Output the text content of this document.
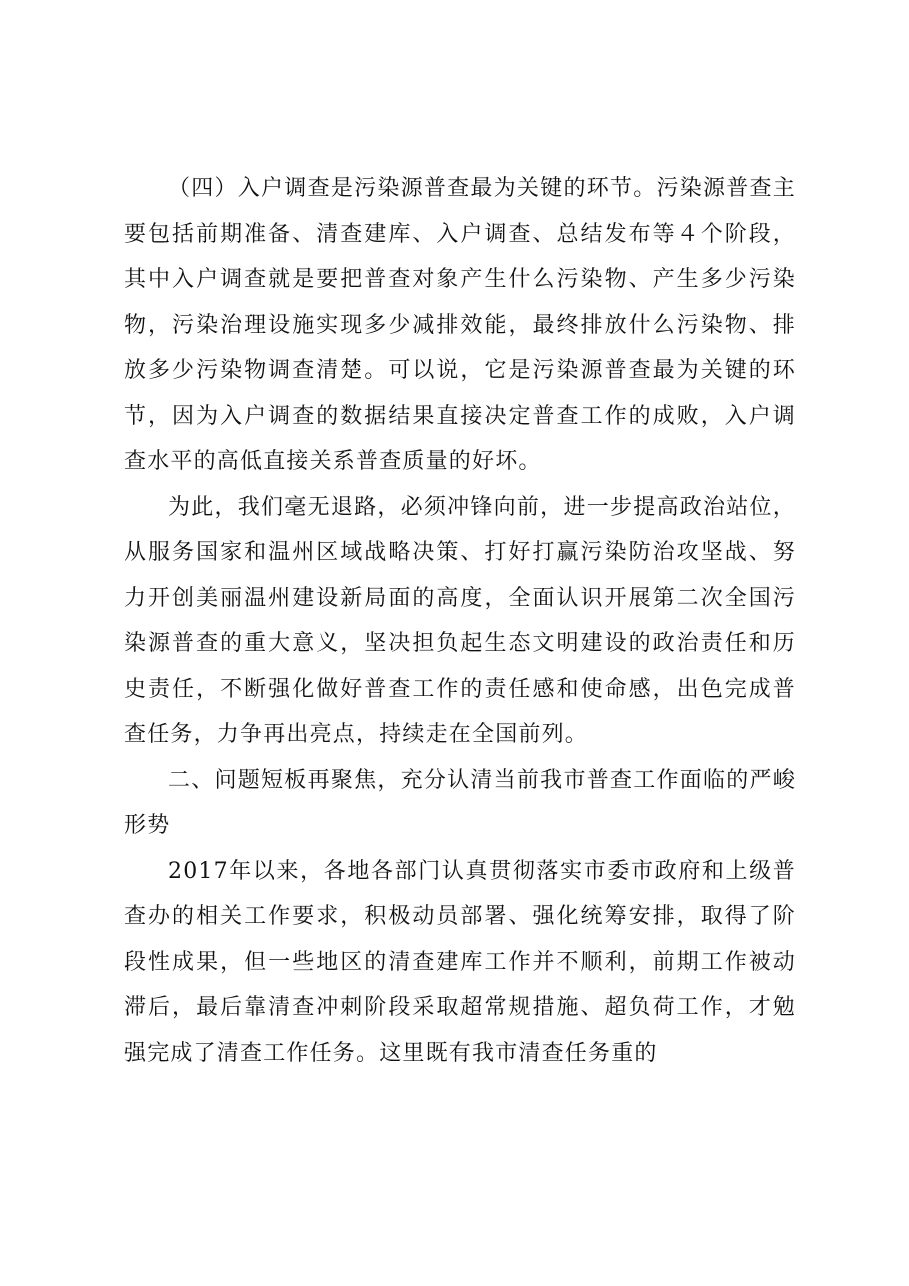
（四）入户调查是污染源普查最为关键的环节。污染源普查主要包括前期准备、清查建库、入户调查、总结发布等４个阶段，其中入户调查就是要把普查对象产生什么污染物、产生多少污染物，污染治理设施实现多少减排效能，最终排放什么污染物、排放多少污染物调查清楚。可以说，它是污染源普查最为关键的环节，因为入户调查的数据结果直接决定普查工作的成败，入户调查水平的高低直接关系普查质量的好坏。

为此，我们毫无退路，必须冲锋向前，进一步提高政治站位，从服务国家和温州区域战略决策、打好打赢污染防治攻坚战、努力开创美丽温州建设新局面的高度，全面认识开展第二次全国污染源普查的重大意义，坚决担负起生态文明建设的政治责任和历史责任，不断强化做好普查工作的责任感和使命感，出色完成普查任务，力争再出亮点，持续走在全国前列。

二、问题短板再聚焦，充分认清当前我市普查工作面临的严峻形势

2017年以来，各地各部门认真贯彻落实市委市政府和上级普查办的相关工作要求，积极动员部署、强化统筹安排，取得了阶段性成果，但一些地区的清查建库工作并不顺利，前期工作被动滞后，最后靠清查冲刺阶段采取超常规措施、超负荷工作，才勉强完成了清查工作任务。这里既有我市清查任务重的
